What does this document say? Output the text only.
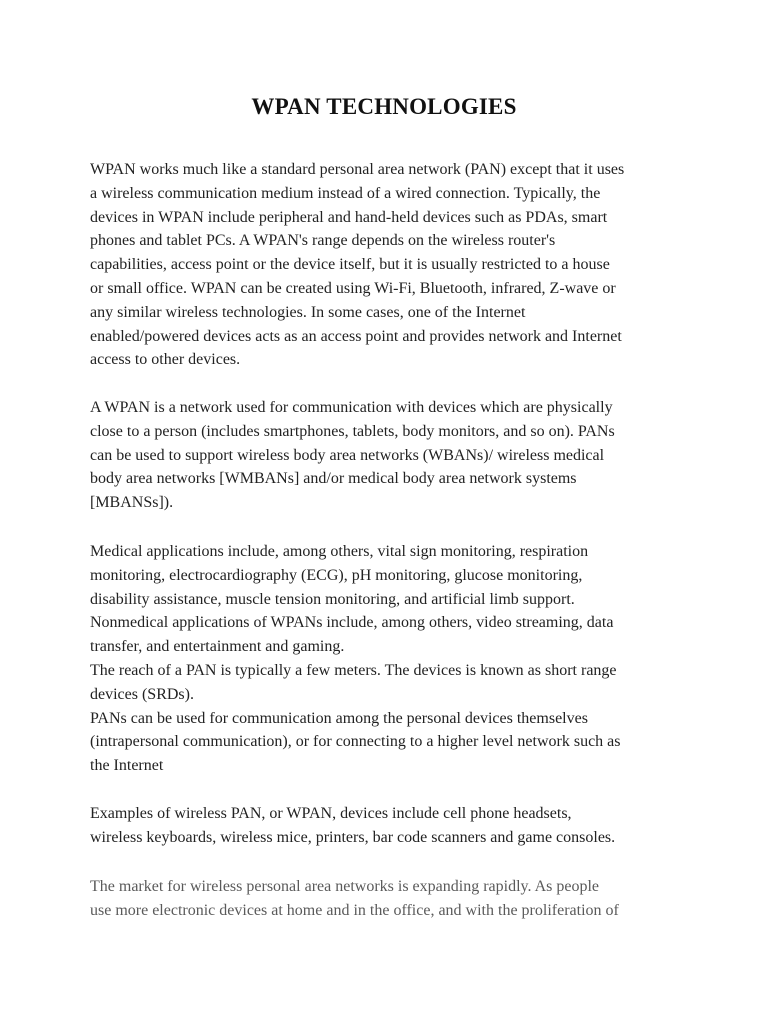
WPAN TECHNOLOGIES

WPAN works much like a standard personal area network (PAN) except that it uses

a wireless communication medium instead of a wired connection. Typically, the

devices in WPAN include peripheral and hand-held devices such as PDAs, smart

phones and tablet PCs. A WPAN's range depends on the wireless router's

capabilities, access point or the device itself, but it is usually restricted to a house

or small office. WPAN can be created using Wi-Fi, Bluetooth, infrared, Z-wave or

any similar wireless technologies. In some cases, one of the Internet

enabled/powered devices acts as an access point and provides network and Internet

access to other devices.

A WPAN is a network used for communication with devices which are physically

close to a person (includes smartphones, tablets, body monitors, and so on). PANs

can be used to support wireless body area networks (WBANs)/ wireless medical

body area networks [WMBANs] and/or medical body area network systems

[MBANSs]).

Medical applications include, among others, vital sign monitoring, respiration

monitoring, electrocardiography (ECG), pH monitoring, glucose monitoring,

disability assistance, muscle tension monitoring, and artificial limb support.

Nonmedical applications of WPANs include, among others, video streaming, data

transfer, and entertainment and gaming.

The reach of a PAN is typically a few meters. The devices is known as short range

devices (SRDs).

PANs can be used for communication among the personal devices themselves

(intrapersonal communication), or for connecting to a higher level network such as

the Internet

Examples of wireless PAN, or WPAN, devices include cell phone headsets,

wireless keyboards, wireless mice, printers, bar code scanners and game consoles.

The market for wireless personal area networks is expanding rapidly. As people

use more electronic devices at home and in the office, and with the proliferation of
